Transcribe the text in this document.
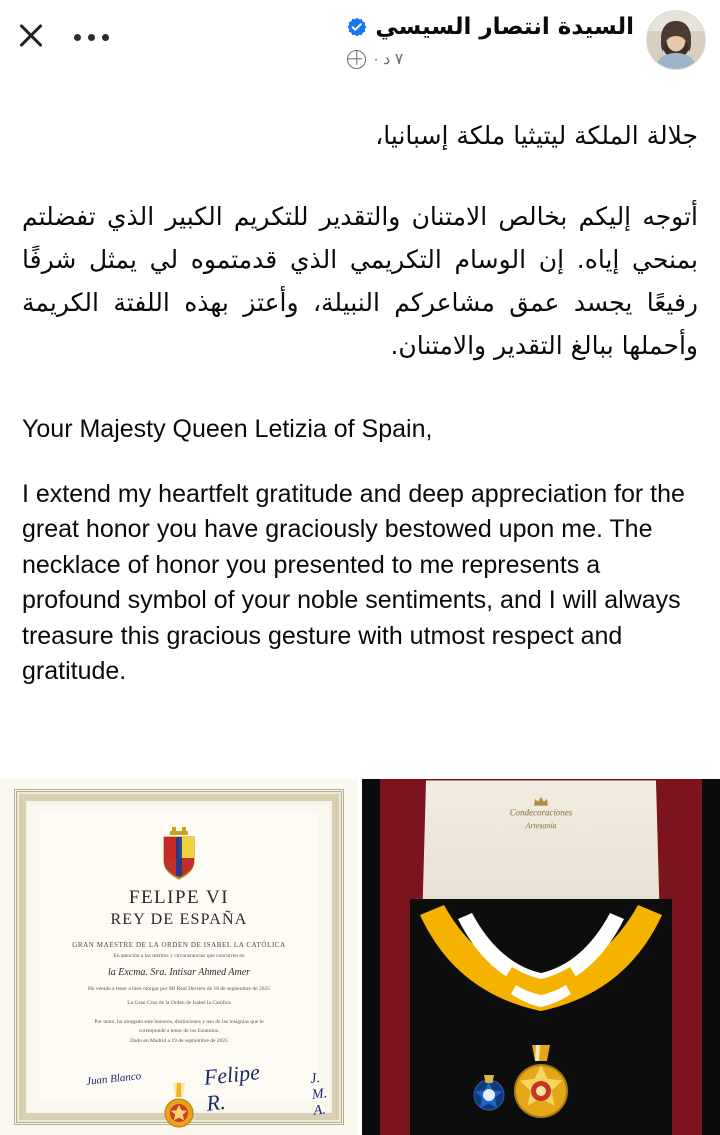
السيدة انتصار السيسي
٧ د ·

جلالة الملكة ليتيثيا ملكة إسبانيا،

أتوجه إليكم بخالص الامتنان والتقدير للتكريم الكبير الذي تفضلتم بمنحي إياه. إن الوسام التكريمي الذي قدمتموه لي يمثل شرفًا رفيعًا يجسد عمق مشاعركم النبيلة، وأعتز بهذه اللفتة الكريمة وأحملها ببالغ التقدير والامتنان.

Your Majesty Queen Letizia of Spain,

I extend my heartfelt gratitude and deep appreciation for the great honor you have graciously bestowed upon me. The necklace of honor you presented to me represents a profound symbol of your noble sentiments, and I will always treasure this gracious gesture with utmost respect and gratitude.

FELIPE VI
REY DE ESPAÑA
GRAN MAESTRE DE LA ORDEN DE ISABEL LA CATÓLICA
En atención a las méritos y circunstancias que concurren en
la Excma. Sra. Intisar Ahmed Amer
He venido a tener a bien otorgar por Mi Real Decreto de 16 de septiembre de 2025
La Gran Cruz de la Orden de Isabel la Católica
Por tanto, ha otorgado este honores, distinciones y uso de las insignias que le corresponde a tenor de los Estatutos.
Dado en Madrid a 19 de septiembre de 2025
Juan Blanco	Felipe R.
J. M. A.
Condecoraciones
Artesanía
